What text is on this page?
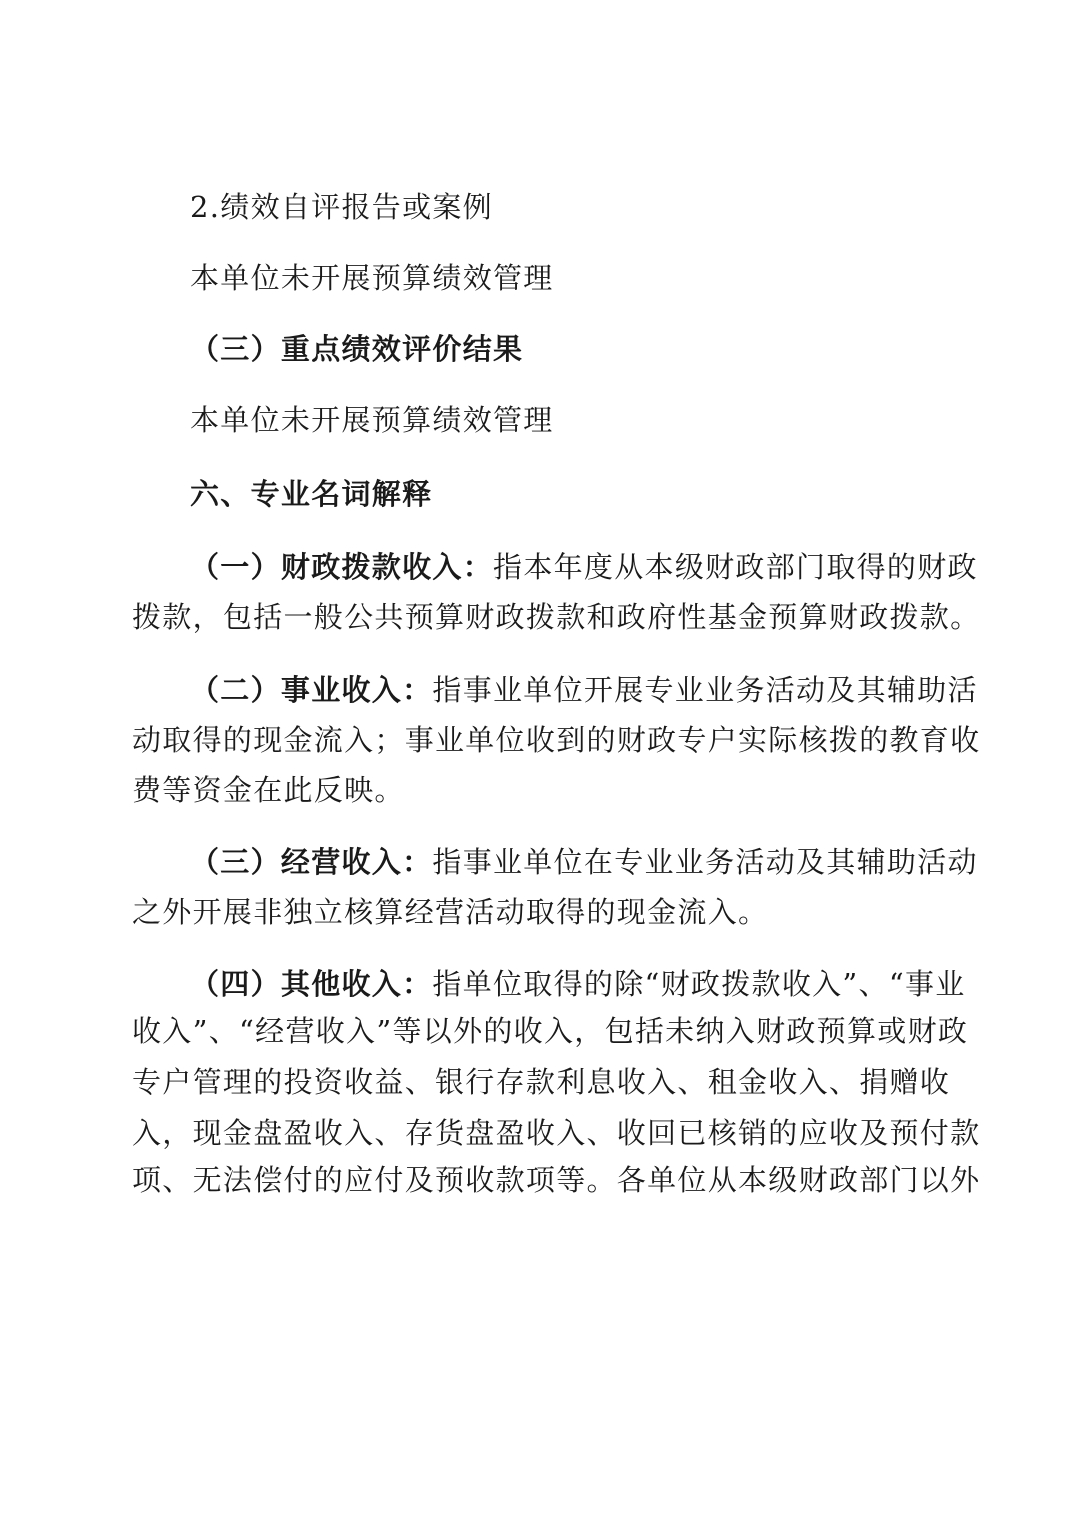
2.绩效自评报告或案例
本单位未开展预算绩效管理
（三）重点绩效评价结果
本单位未开展预算绩效管理
六、专业名词解释
（一）财政拨款收入：指本年度从本级财政部门取得的财政
拨款，包括一般公共预算财政拨款和政府性基金预算财政拨款。
（二）事业收入：指事业单位开展专业业务活动及其辅助活
动取得的现金流入；事业单位收到的财政专户实际核拨的教育收
费等资金在此反映。
（三）经营收入：指事业单位在专业业务活动及其辅助活动
之外开展非独立核算经营活动取得的现金流入。
（四）其他收入：指单位取得的除“财政拨款收入”、“事业
收入”、“经营收入”等以外的收入，包括未纳入财政预算或财政
专户管理的投资收益、银行存款利息收入、租金收入、捐赠收
入，现金盘盈收入、存货盘盈收入、收回已核销的应收及预付款
项、无法偿付的应付及预收款项等。各单位从本级财政部门以外
